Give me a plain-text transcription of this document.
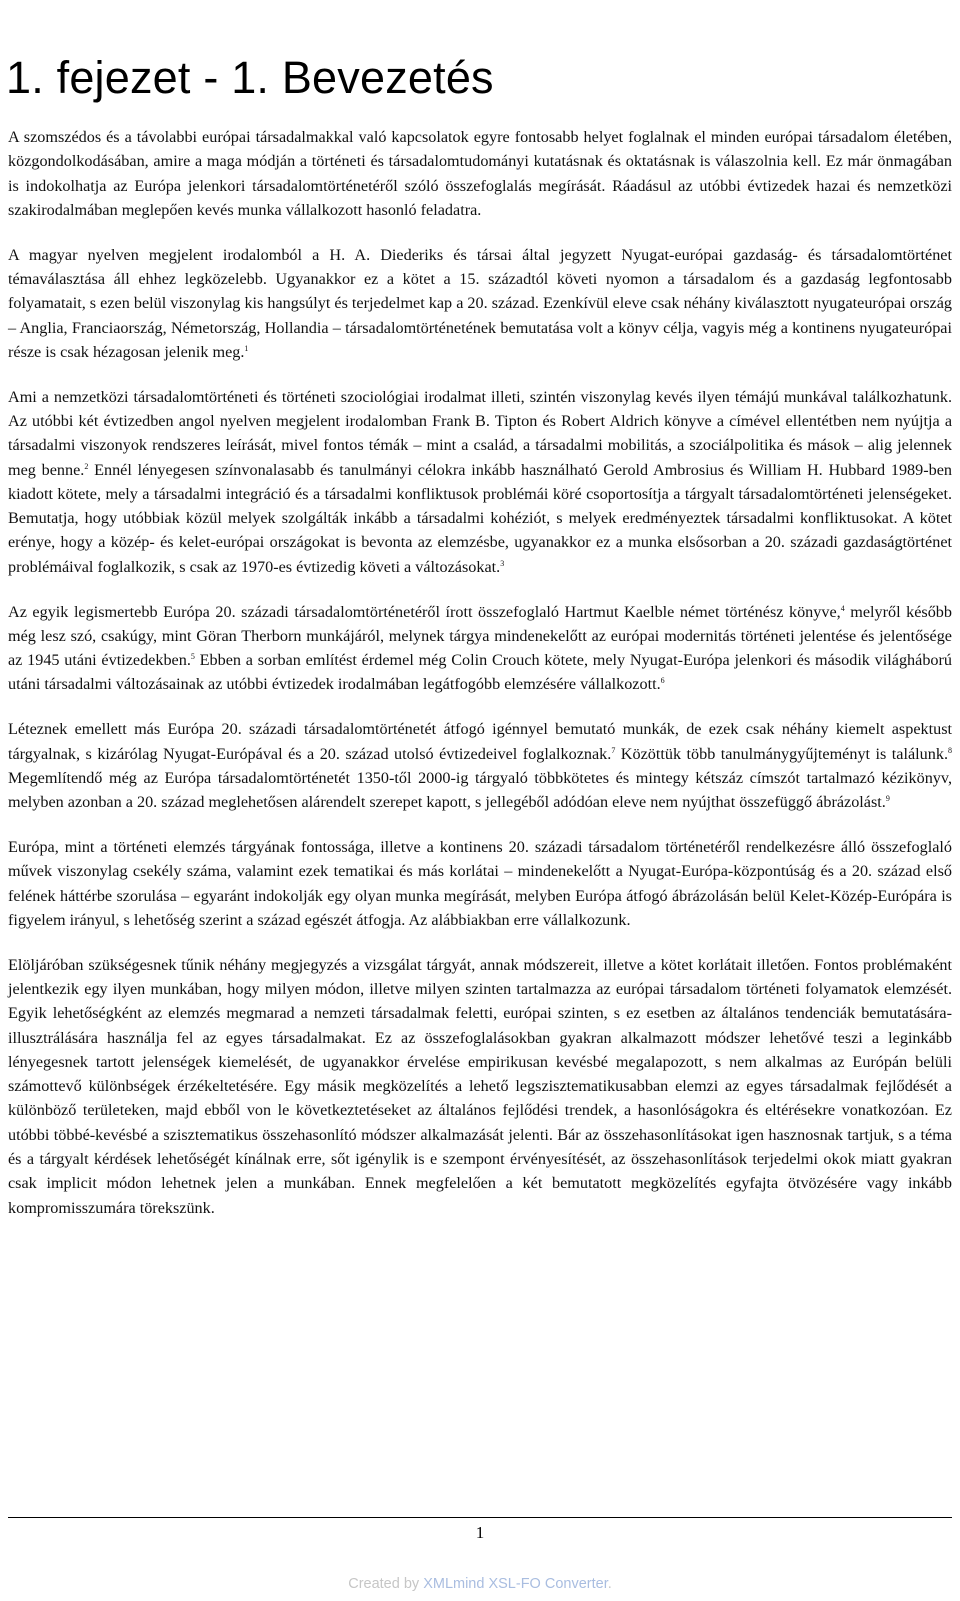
1. fejezet - 1. Bevezetés

A szomszédos és a távolabbi európai társadalmakkal való kapcsolatok egyre fontosabb helyet foglalnak el minden európai társadalom életében, közgondolkodásában, amire a maga módján a történeti és társadalomtudományi kutatásnak és oktatásnak is válaszolnia kell. Ez már önmagában is indokolhatja az Európa jelenkori társadalomtörténetéről szóló összefoglalás megírását. Ráadásul az utóbbi évtizedek hazai és nemzetközi szakirodalmában meglepően kevés munka vállalkozott hasonló feladatra.

A magyar nyelven megjelent irodalomból a H. A. Diederiks és társai által jegyzett Nyugat-európai gazdaság- és társadalomtörténet témaválasztása áll ehhez legközelebb. Ugyanakkor ez a kötet a 15. századtól követi nyomon a társadalom és a gazdaság legfontosabb folyamatait, s ezen belül viszonylag kis hangsúlyt és terjedelmet kap a 20. század. Ezenkívül eleve csak néhány kiválasztott nyugateurópai ország – Anglia, Franciaország, Németország, Hollandia – társadalomtörténetének bemutatása volt a könyv célja, vagyis még a kontinens nyugateurópai része is csak hézagosan jelenik meg.$^1$

Ami a nemzetközi társadalomtörténeti és történeti szociológiai irodalmat illeti, szintén viszonylag kevés ilyen témájú munkával találkozhatunk. Az utóbbi két évtizedben angol nyelven megjelent irodalomban Frank B. Tipton és Robert Aldrich könyve a címével ellentétben nem nyújtja a társadalmi viszonyok rendszeres leírását, mivel fontos témák – mint a család, a társadalmi mobilitás, a szociálpolitika és mások – alig jelennek meg benne.$^2$ Ennél lényegesen színvonalasabb és tanulmányi célokra inkább használható Gerold Ambrosius és William H. Hubbard 1989-ben kiadott kötete, mely a társadalmi integráció és a társadalmi konfliktusok problémái köré csoportosítja a tárgyalt társadalomtörténeti jelenségeket. Bemutatja, hogy utóbbiak közül melyek szolgálták inkább a társadalmi kohéziót, s melyek eredményeztek társadalmi konfliktusokat. A kötet erénye, hogy a közép- és kelet-európai országokat is bevonta az elemzésbe, ugyanakkor ez a munka elsősorban a 20. századi gazdaságtörténet problémáival foglalkozik, s csak az 1970-es évtizedig követi a változásokat.$^3$

Az egyik legismertebb Európa 20. századi társadalomtörténetéről írott összefoglaló Hartmut Kaelble német történész könyve,$^4$ melyről később még lesz szó, csakúgy, mint Göran Therborn munkájáról, melynek tárgya mindenekelőtt az európai modernitás történeti jelentése és jelentősége az 1945 utáni évtizedekben.$^5$ Ebben a sorban említést érdemel még Colin Crouch kötete, mely Nyugat-Európa jelenkori és második világháború utáni társadalmi változásainak az utóbbi évtizedek irodalmában legátfogóbb elemzésére vállalkozott.$^6$

Léteznek emellett más Európa 20. századi társadalomtörténetét átfogó igénnyel bemutató munkák, de ezek csak néhány kiemelt aspektust tárgyalnak, s kizárólag Nyugat-Európával és a 20. század utolsó évtizedeivel foglalkoznak.$^7$ Közöttük több tanulmánygyűjteményt is találunk.$^8$ Megemlítendő még az Európa társadalomtörténetét 1350-től 2000-ig tárgyaló többkötetes és mintegy kétszáz címszót tartalmazó kézikönyv, melyben azonban a 20. század meglehetősen alárendelt szerepet kapott, s jellegéből adódóan eleve nem nyújthat összefüggő ábrázolást.$^9$

Európa, mint a történeti elemzés tárgyának fontossága, illetve a kontinens 20. századi társadalom történetéről rendelkezésre álló összefoglaló művek viszonylag csekély száma, valamint ezek tematikai és más korlátai – mindenekelőtt a Nyugat-Európa-központúság és a 20. század első felének háttérbe szorulása – egyaránt indokolják egy olyan munka megírását, melyben Európa átfogó ábrázolásán belül Kelet-Közép-Európára is figyelem irányul, s lehetőség szerint a század egészét átfogja. Az alábbiakban erre vállalkozunk.

Elöljáróban szükségesnek tűnik néhány megjegyzés a vizsgálat tárgyát, annak módszereit, illetve a kötet korlátait illetően. Fontos problémaként jelentkezik egy ilyen munkában, hogy milyen módon, illetve milyen szinten tartalmazza az európai társadalom történeti folyamatok elemzését. Egyik lehetőségként az elemzés megmarad a nemzeti társadalmak feletti, európai szinten, s ez esetben az általános tendenciák bemutatására-illusztrálására használja fel az egyes társadalmakat. Ez az összefoglalásokban gyakran alkalmazott módszer lehetővé teszi a leginkább lényegesnek tartott jelenségek kiemelését, de ugyanakkor érvelése empirikusan kevésbé megalapozott, s nem alkalmas az Európán belüli számottevő különbségek érzékeltetésére. Egy másik megközelítés a lehető legszisztematikusabban elemzi az egyes társadalmak fejlődését a különböző területeken, majd ebből von le következtetéseket az általános fejlődési trendek, a hasonlóságokra és eltérésekre vonatkozóan. Ez utóbbi többé-kevésbé a szisztematikus összehasonlító módszer alkalmazását jelenti. Bár az összehasonlításokat igen hasznosnak tartjuk, s a téma és a tárgyalt kérdések lehetőségét kínálnak erre, sőt igénylik is e szempont érvényesítését, az összehasonlítások terjedelmi okok miatt gyakran csak implicit módon lehetnek jelen a munkában. Ennek megfelelően a két bemutatott megközelítés egyfajta ötvözésére vagy inkább kompromisszumára törekszünk.

1
Created by XMLmind XSL-FO Converter.
